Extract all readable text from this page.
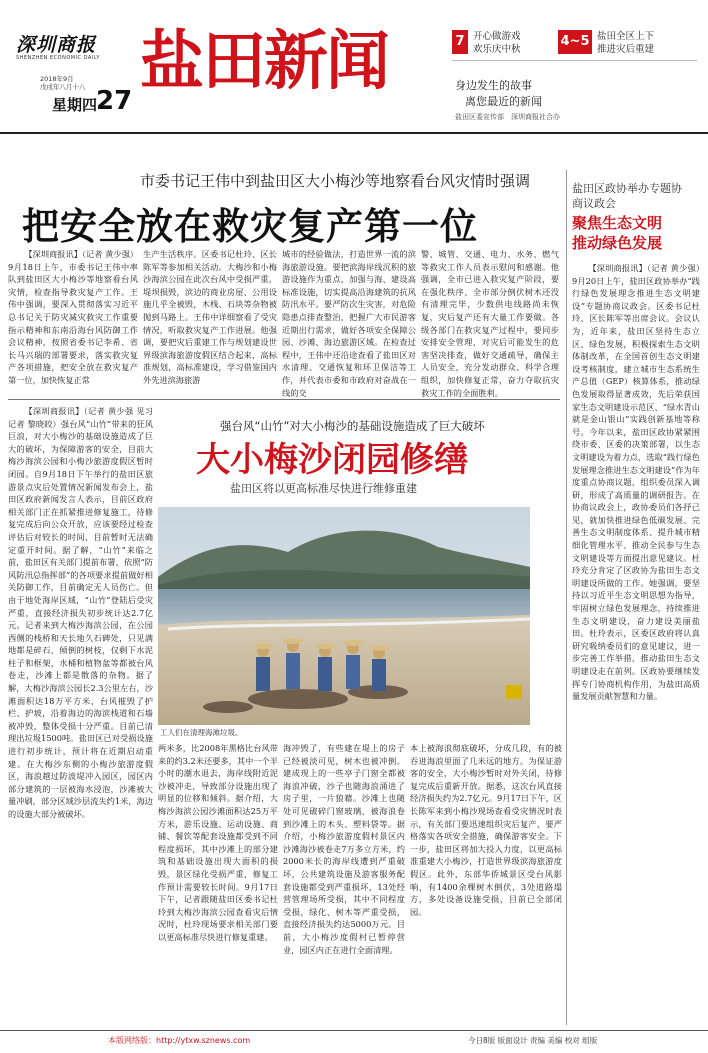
深圳商报
SHENZHEN ECONOMIC DAILY
2018年9月
戊戌年八月十八
星期四
27
盐田新闻	7 开心做游戏
欢乐庆中秋
4~5 盐田全区上下
推进灾后重建
身边发生的故事
离您最近的新闻
盐田区委宣传部　深圳商报社合办
市委书记王伟中到盐田区大小梅沙等地察看台风灾情时强调
把安全放在救灾复产第一位

【深圳商报讯】（记者 黄少强）9月18日上午，市委书记王伟中率队到盐田区大小梅沙等地察看台风灾情，检查指导救灾复产工作。王伟中强调，要深入贯彻落实习近平总书记关于防灾减灾救灾工作重要指示精神和东南沿海台风防御工作会议精神，按照省委书记李希、省长马兴瑞的部署要求，落实救灾复产各项措施，把安全放在救灾复产第一位，加快恢复正常

生产生活秩序。区委书记杜玲、区长陈军等参加相关活动。大梅沙和小梅沙海滨公园在此次台风中受损严重，堤坝损毁，滨边的商业房屋、公用设施几乎全被毁，木栈、石块等杂物被抛到马路上。王伟中详细察看了受灾情况，听取救灾复产工作进展。他强调，要把灾后重建工作与规划建设世界级滨海旅游度假区结合起来，高标准规划，高标准建设，学习借鉴国内外先进滨海旅游

城市的经验做法，打造世界一流的滨海旅游设施。要把滨海岸线沉积的旅游设施作为重点，加强与海、建设高标准设施，切实提高沿海建筑的抗风防汛水平。要严防次生灾害，对危险隐患点排查整治，把握广大市民游客近期出行需求，做好各项安全保障公园、沙滩、海边旅游区域。在检查过程中，王伟中还沿途查看了盐田区对水清理、交通恢复和环卫保洁等工作，并代表市委和市政府对奋战在一线的交

警、城管、交通、电力、水务、燃气等救灾工作人员表示慰问和感谢。他强调，全市已进入救灾复产阶段，要在强化秩序、全市部分倒伏树木还没有清理完毕，少数供电线路尚未恢复，灾后复产还有大量工作要做。各级各部门在救灾复产过程中，要同步安排安全管理，对灾后可能发生的危害坚决排查，做好交通疏导，确保主人员安全，充分发动群众、科学合理组织，加快修复正常，奋力夺取抗灾救灾工作的全面胜利。

盐田区政协举办专题协商议政会
聚焦生态文明
推动绿色发展

【深圳商报讯】（记者 黄少强）9月20日上午，盐田区政协举办“践行绿色发展理念推进生态文明建设”专题协商议政会。区委书记杜玲、区长陈军等出席会议。会议认为，近年来，盐田区坚持生态立区、绿色发展，积极探索生态文明体制改革，在全国首创生态文明建设考核制度，建立城市生态系统生产总值（GEP）核算体系，推动绿色发展取得显著成效，先后荣获国家生态文明建设示范区、“绿水青山就是金山银山”实践创新基地等称号。今年以来，盐田区政协紧紧围绕市委、区委的决策部署，以生态文明建设为着力点，选取“践行绿色发展理念推进生态文明建设”作为年度重点协商议题，组织委员深入调研，形成了高质量的调研报告。在协商议政会上，政协委员们各抒己见，就加快推进绿色低碳发展、完善生态文明制度体系、提升城市精细化管理水平、推动全民参与生态文明建设等方面提出意见建议。杜玲充分肯定了区政协为盐田生态文明建设所做的工作。她强调，要坚持以习近平生态文明思想为指导，牢固树立绿色发展理念，持续推进生态文明建设，奋力建设美丽盐田。杜玲表示，区委区政府将认真研究吸纳委员们的意见建议，进一步完善工作举措，推动盐田生态文明建设走在前列。区政协要继续发挥专门协商机构作用，为盐田高质量发展贡献智慧和力量。

强台风“山竹”对大小梅沙的基础设施造成了巨大破坏
大小梅沙闭园修缮
盐田区将以更高标准尽快进行维修重建

【深圳商报讯】（记者 黄少强 见习记者 黎晓皎）强台风“山竹”带来的狂风巨浪，对大小梅沙的基础设施造成了巨大的破坏，为保障游客的安全，目前大梅沙海滨公园和小梅沙旅游度假区暂时闭园。自9月18日下午举行的盐田区旅游景点灾后处置情况新闻发布会上，盐田区政府新闻发言人表示，目前区政府相关部门正在抓紧推进修复施工，待修复完成后向公众开放，应该要经过检查评估后对较长的时间，目前暂时无法确定重开时间。据了解，“山竹”来临之前，盐田区有关部门提前布署，依照“防风防汛总指挥部”的各项要求提前做好相关防御工作，目前确定无人员伤亡。但由于地处海岸区域，“山竹”登陆后受灾严重，直接经济损失初步统计达2.7亿元。记者来到大梅沙海滨公园，在公园西侧的栈桥和天长地久石碑处，只见满地都是碎石、倾倒的树枝，仅剩下水泥柱子和框架，水桶和植物盆等都被台风卷走，沙滩上都是散落的杂物。据了解，大梅沙海滨公园长2.3公里左右，沙滩面积达18万平方米，台风摧毁了护栏、护坡，沿着海边的海滨栈道和石墙被冲毁，整体受损十分严重。目前已清理出垃圾1500吨。盐田区已对受损设施进行初步统计，预计将在近期启动重建。在大梅沙东侧的小梅沙旅游度假区，海浪越过防波堤冲入园区，园区内部分建筑的一层被海水浸泡，沙滩被大量冲刷，部分区域沙层流失约1米，海边的设施大部分被破坏。

工人们在清理海滩垃圾。

两米多，比2008年黑格比台风带来的约3.2米还要多，其中一个半小时的潮水退去，海岸线附近泥沙被冲走，导致部分设施出现了明显的位移和倾斜。据介绍，大梅沙海滨公园沙滩面积达25万平方米，游乐设施、运动设施、商铺、餐饮等配套设施都受到不同程度损坏，其中沙滩上的部分建筑和基础设施出现大面积的损毁，景区绿化受损严重，修复工作预计需要较长时间。9月17日下午，记者跟随盐田区委书记杜玲到大梅沙海滨公园查看灾后情况时，杜玲现场要求相关部门要以更高标准尽快进行修复重建。

海冲毁了，有些建在堤上的房子已经被淡可见，树木也被冲倒。建成现上的一些亭子门窗全都被海浪冲破，沙子也随海浪涌进了房子里，一片狼藉。沙滩上也随处可见破碎门窗玻璃、被海浪卷到沙滩上的木头、塑料袋等。据介绍，小梅沙旅游度假村景区内沙滩海沙被卷走7万多立方米，约2000米长的海岸线遭到严重破坏，公共建筑设施及游客服务配套设施都受到严重损坏，13处经营管理场所受损，其中不同程度受损，绿化、树木等严重受损，直接经济损失约达5000万元。目前，大小梅沙度假村已暂停营业，园区内正在进行全面清理。

本上被海浪彻底破坏，分成几段，有的被吞进海浪里面了几米远的地方。为保证游客的安全，大小梅沙暂时对外关闭，待修复完成后重新开放。据悉，这次台风直接经济损失约为2.7亿元。9月17日下午，区长陈军来到小梅沙现场查看受灾情况时表示，有关部门要迅速组织灾后复产，要严格落实各项安全措施，确保游客安全。下一步，盐田区将加大投入力度，以更高标准重建大小梅沙，打造世界级滨海旅游度假区。此外，东部华侨城景区受台风影响，有1400余棵树木倒伏，3处道路塌方，多处设备设施受损，目前已全部闭园。

本版网络版：http://ytxw.sznews.com	今日8版 版面设计 责编 美编 校对 组版
